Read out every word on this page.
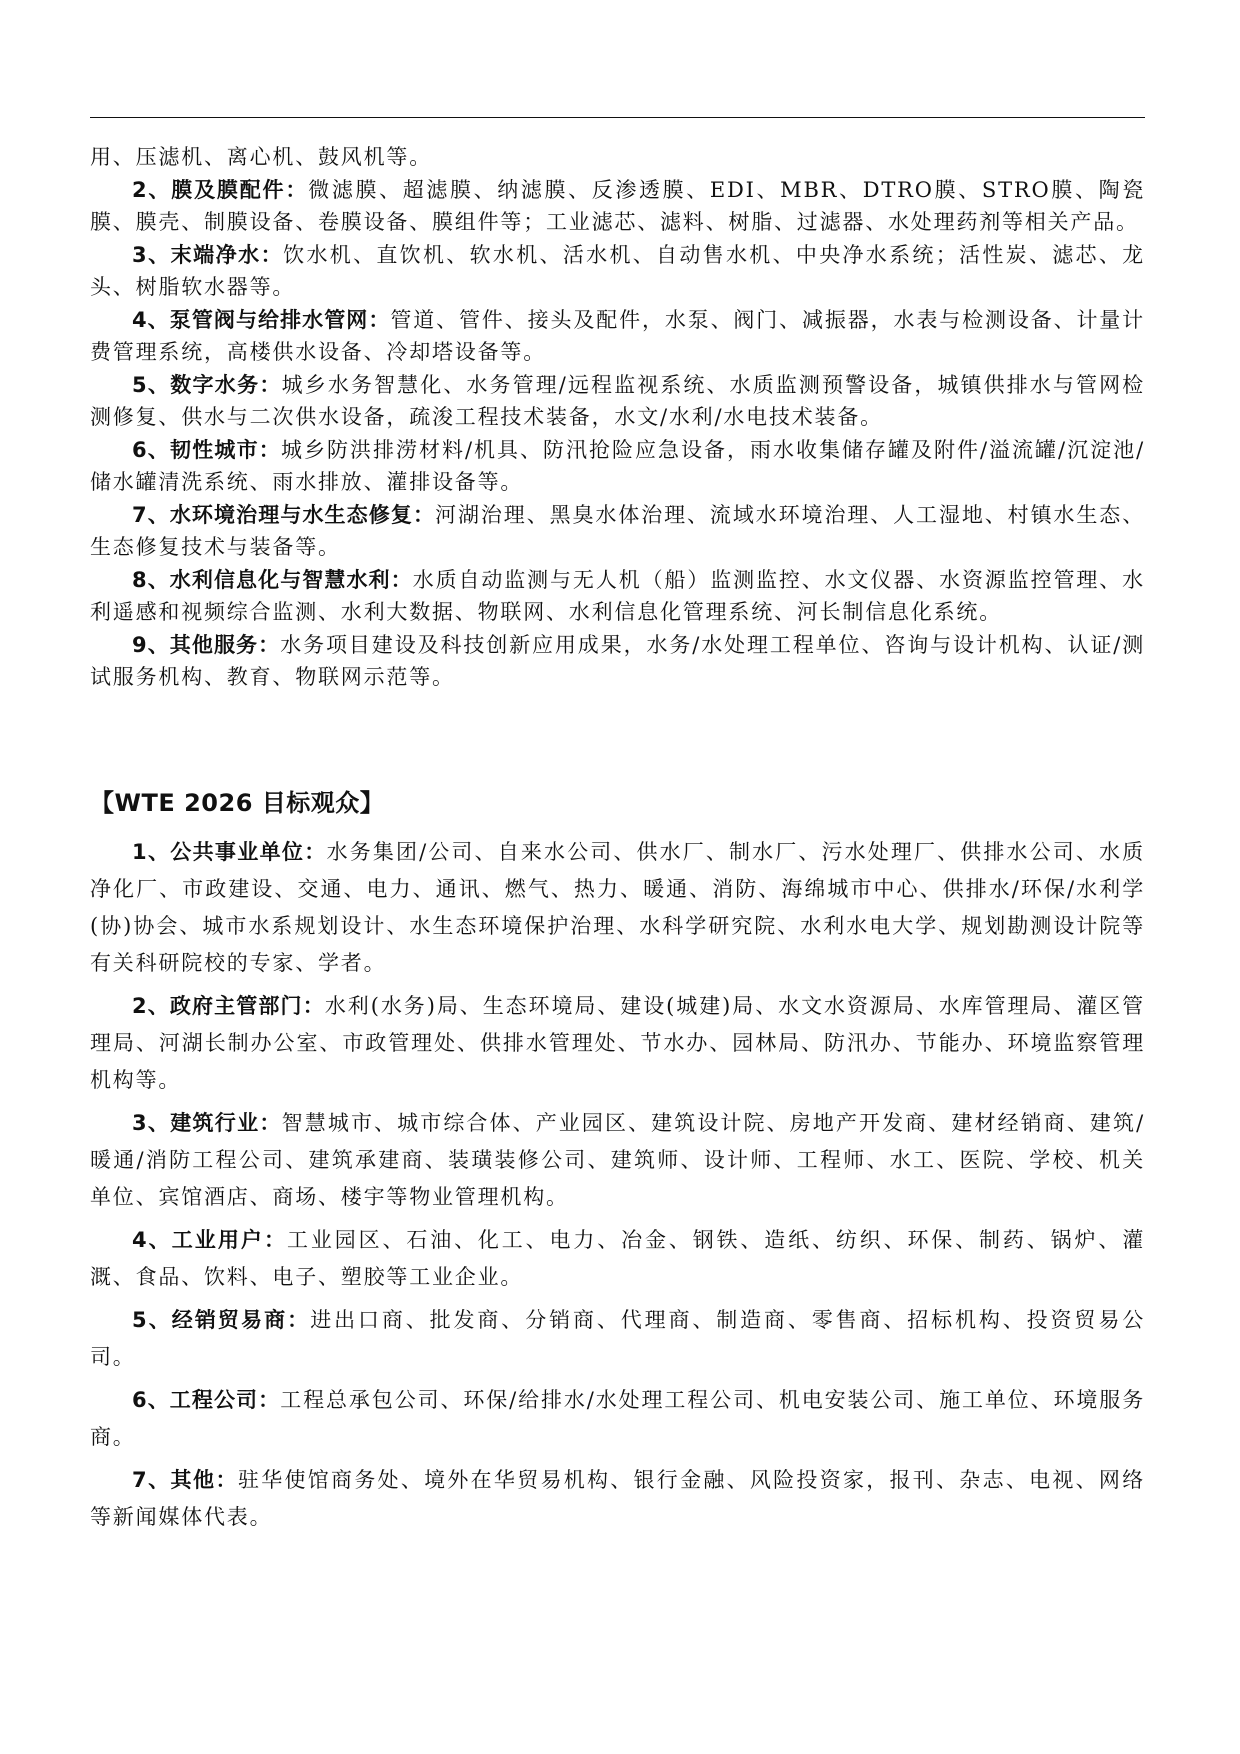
用、压滤机、离心机、鼓风机等。

2、膜及膜配件：微滤膜、超滤膜、纳滤膜、反渗透膜、EDI、MBR、DTRO膜、STRO膜、陶瓷膜、膜壳、制膜设备、卷膜设备、膜组件等；工业滤芯、滤料、树脂、过滤器、水处理药剂等相关产品。

3、末端净水：饮水机、直饮机、软水机、活水机、自动售水机、中央净水系统；活性炭、滤芯、龙头、树脂软水器等。

4、泵管阀与给排水管网：管道、管件、接头及配件，水泵、阀门、减振器，水表与检测设备、计量计费管理系统，高楼供水设备、冷却塔设备等。

5、数字水务：城乡水务智慧化、水务管理/远程监视系统、水质监测预警设备，城镇供排水与管网检测修复、供水与二次供水设备，疏浚工程技术装备，水文/水利/水电技术装备。

6、韧性城市：城乡防洪排涝材料/机具、防汛抢险应急设备，雨水收集储存罐及附件/溢流罐/沉淀池/储水罐清洗系统、雨水排放、灌排设备等。

7、水环境治理与水生态修复：河湖治理、黑臭水体治理、流域水环境治理、人工湿地、村镇水生态、生态修复技术与装备等。

8、水利信息化与智慧水利：水质自动监测与无人机（船）监测监控、水文仪器、水资源监控管理、水利遥感和视频综合监测、水利大数据、物联网、水利信息化管理系统、河长制信息化系统。

9、其他服务：水务项目建设及科技创新应用成果，水务/水处理工程单位、咨询与设计机构、认证/测试服务机构、教育、物联网示范等。

【WTE 2026 目标观众】

1、公共事业单位：水务集团/公司、自来水公司、供水厂、制水厂、污水处理厂、供排水公司、水质净化厂、市政建设、交通、电力、通讯、燃气、热力、暖通、消防、海绵城市中心、供排水/环保/水利学(协)协会、城市水系规划设计、水生态环境保护治理、水科学研究院、水利水电大学、规划勘测设计院等有关科研院校的专家、学者。

2、政府主管部门：水利(水务)局、生态环境局、建设(城建)局、水文水资源局、水库管理局、灌区管理局、河湖长制办公室、市政管理处、供排水管理处、节水办、园林局、防汛办、节能办、环境监察管理机构等。

3、建筑行业：智慧城市、城市综合体、产业园区、建筑设计院、房地产开发商、建材经销商、建筑/暖通/消防工程公司、建筑承建商、装璜装修公司、建筑师、设计师、工程师、水工、医院、学校、机关单位、宾馆酒店、商场、楼宇等物业管理机构。

4、工业用户：工业园区、石油、化工、电力、冶金、钢铁、造纸、纺织、环保、制药、锅炉、灌溉、食品、饮料、电子、塑胶等工业企业。

5、经销贸易商：进出口商、批发商、分销商、代理商、制造商、零售商、招标机构、投资贸易公司。

6、工程公司：工程总承包公司、环保/给排水/水处理工程公司、机电安装公司、施工单位、环境服务商。

7、其他：驻华使馆商务处、境外在华贸易机构、银行金融、风险投资家，报刊、杂志、电视、网络等新闻媒体代表。
